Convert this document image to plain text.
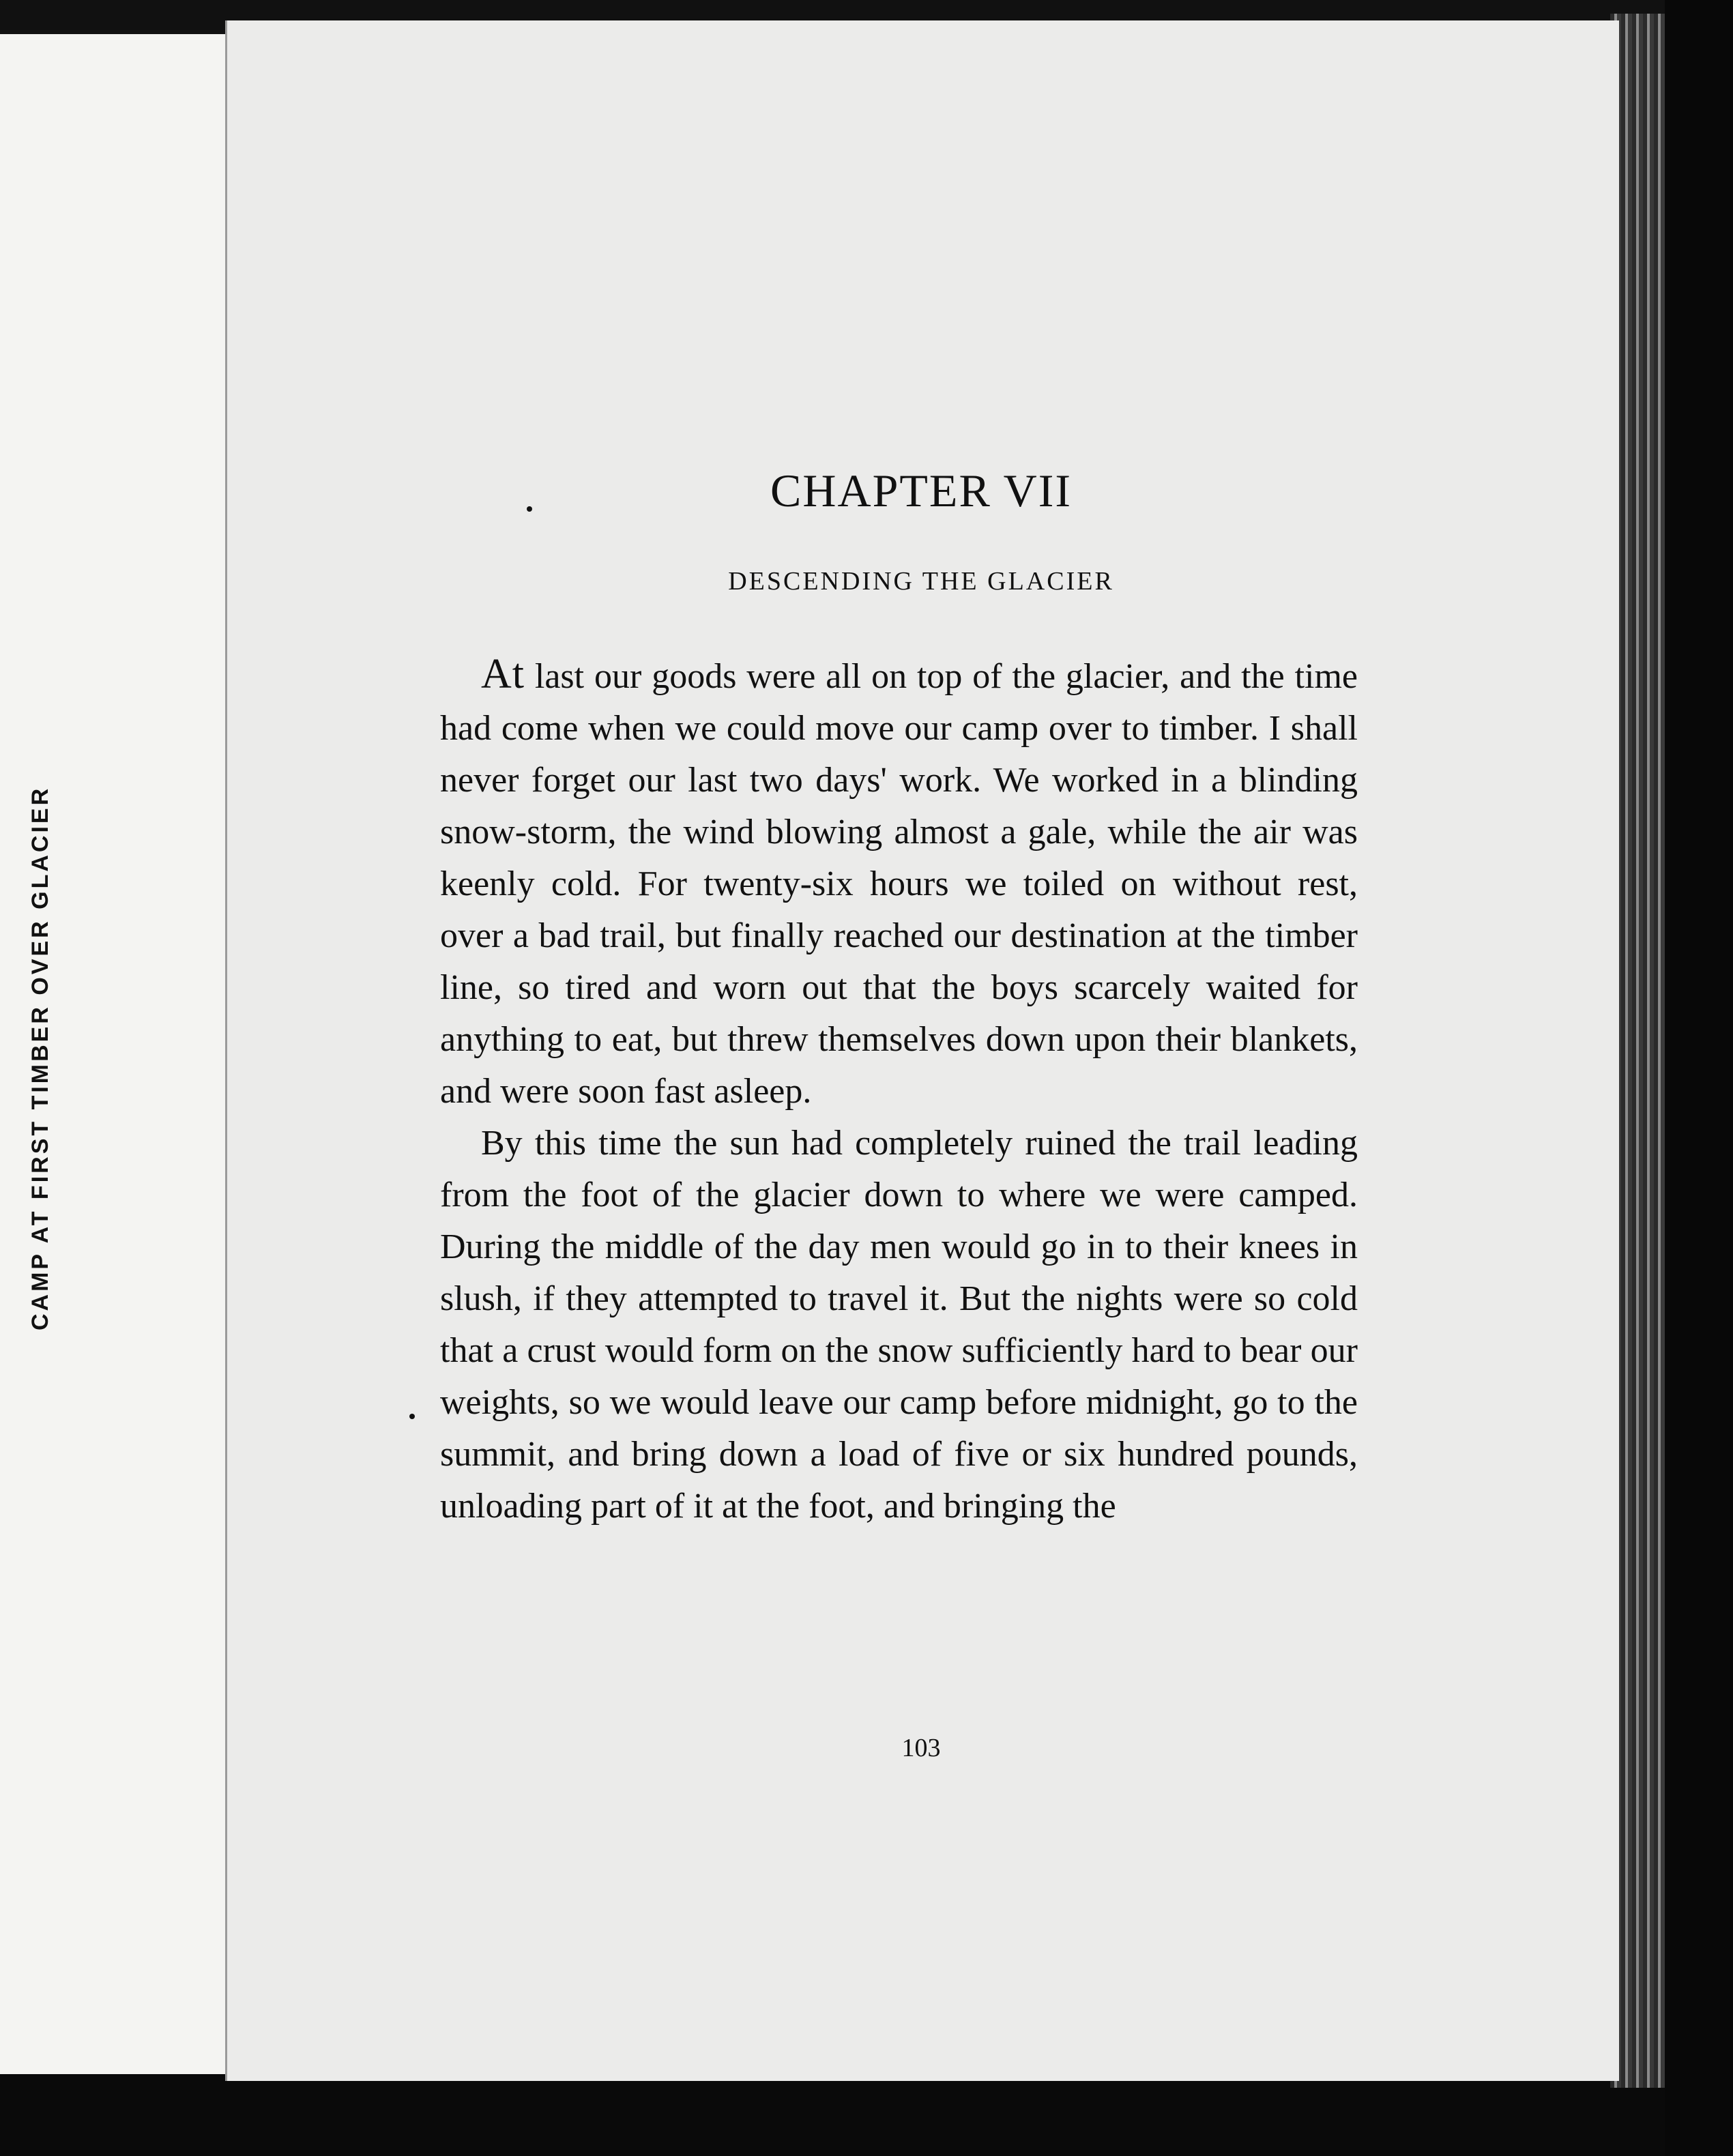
CAMP AT FIRST TIMBER OVER GLACIER
CHAPTER VII
DESCENDING THE GLACIER

At last our goods were all on top of the glacier, and the time had come when we could move our camp over to timber. I shall never forget our last two days' work. We worked in a blinding snow-storm, the wind blowing almost a gale, while the air was keenly cold. For twenty-six hours we toiled on without rest, over a bad trail, but finally reached our destination at the timber line, so tired and worn out that the boys scarcely waited for anything to eat, but threw themselves down upon their blankets, and were soon fast asleep.

By this time the sun had completely ruined the trail leading from the foot of the glacier down to where we were camped. During the middle of the day men would go in to their knees in slush, if they attempted to travel it. But the nights were so cold that a crust would form on the snow sufficiently hard to bear our weights, so we would leave our camp before midnight, go to the summit, and bring down a load of five or six hundred pounds, unloading part of it at the foot, and bringing the

103
